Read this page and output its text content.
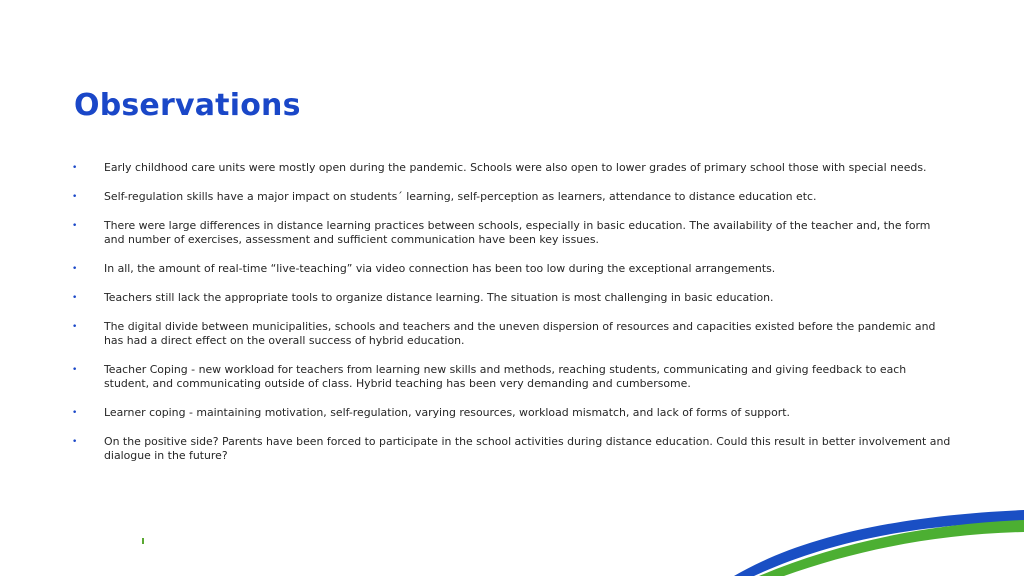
Observations
• Early childhood care units were mostly open during the pandemic. Schools were also open to lower grades of primary school those with special needs.
• Self-regulation skills have a major impact on students´ learning, self-perception as learners, attendance to distance education etc.
• There were large differences in distance learning practices between schools, especially in basic education. The availability of the teacher and, the form and number of exercises, assessment and sufficient communication have been key issues.
• In all, the amount of real-time “live-teaching” via video connection has been too low during the exceptional arrangements.
• Teachers still lack the appropriate tools to organize distance learning. The situation is most challenging in basic education.
• The digital divide between municipalities, schools and teachers and the uneven dispersion of resources and capacities existed before the pandemic and has had a direct effect on the overall success of hybrid education.
• Teacher Coping - new workload for teachers from learning new skills and methods, reaching students, communicating and giving feedback to each student, and communicating outside of class. Hybrid teaching has been very demanding and cumbersome.
• Learner coping - maintaining motivation, self-regulation, varying resources, workload mismatch, and lack of forms of support.
• On the positive side? Parents have been forced to participate in the school activities during distance education. Could this result in better involvement and dialogue in the future?
